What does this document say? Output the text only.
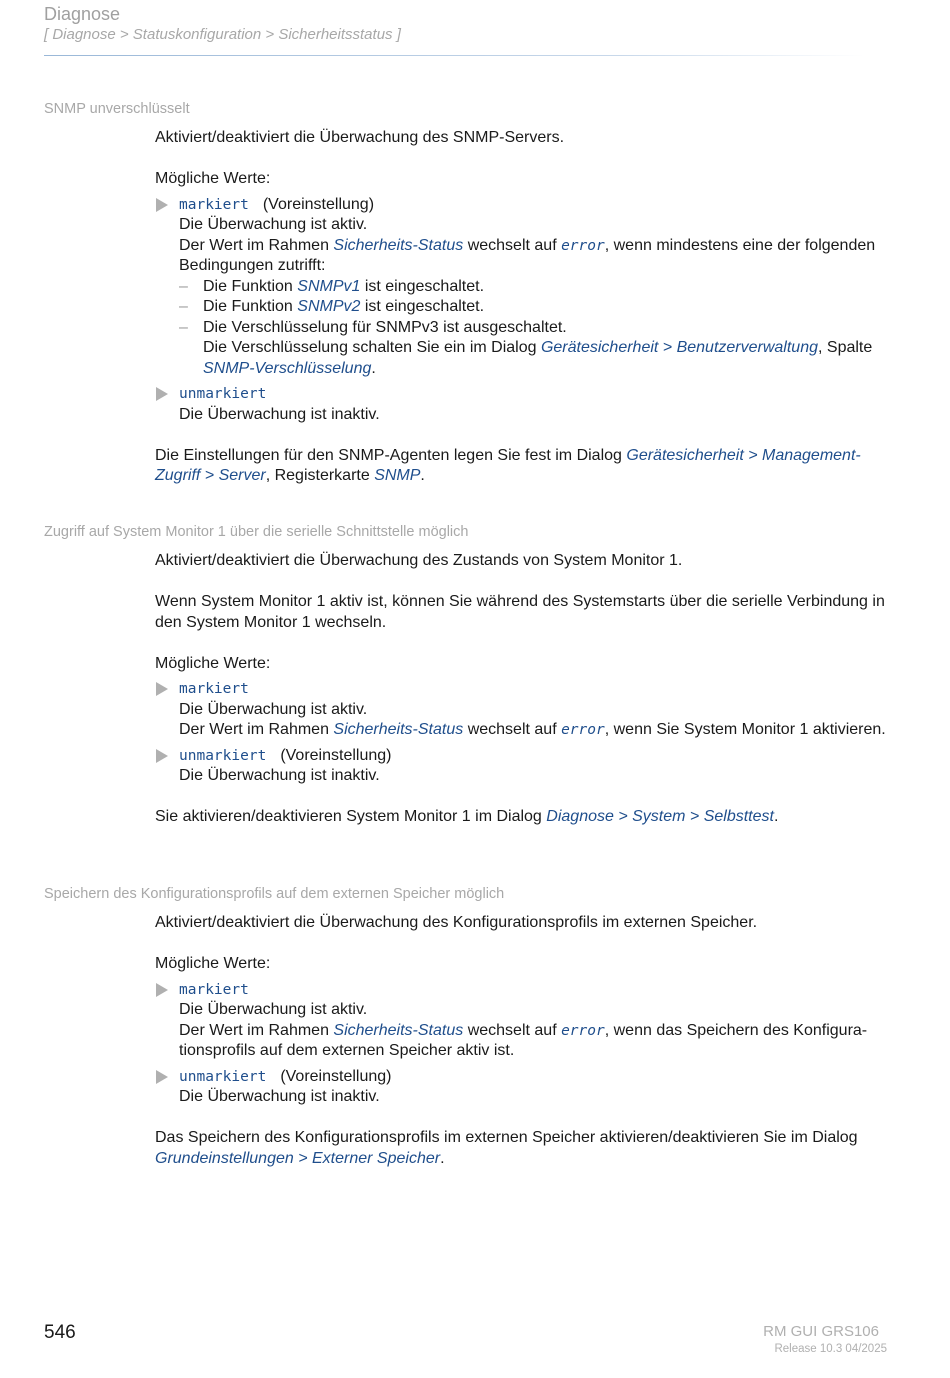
Diagnose
[ Diagnose > Statuskonfiguration > Sicherheitsstatus ]
SNMP unverschlüsselt

Aktiviert/deaktiviert die Überwachung des SNMP-Servers.

Mögliche Werte:

markiert (Voreinstellung)
Die Überwachung ist aktiv.
Der Wert im Rahmen Sicherheits-Status wechselt auf error, wenn mindestens eine der folgenden Bedingungen zutrifft:
– Die Funktion SNMPv1 ist eingeschaltet.
– Die Funktion SNMPv2 ist eingeschaltet.
– Die Verschlüsselung für SNMPv3 ist ausgeschaltet.
Die Verschlüsselung schalten Sie ein im Dialog Gerätesicherheit > Benutzerverwaltung, Spalte SNMP-Verschlüsselung.
unmarkiert
Die Überwachung ist inaktiv.

Die Einstellungen für den SNMP-Agenten legen Sie fest im Dialog Gerätesicherheit > Management-Zugriff > Server, Registerkarte SNMP.

Zugriff auf System Monitor 1 über die serielle Schnittstelle möglich

Aktiviert/deaktiviert die Überwachung des Zustands von System Monitor 1.

Wenn System Monitor 1 aktiv ist, können Sie während des Systemstarts über die serielle Verbindung in den System Monitor 1 wechseln.

Mögliche Werte:

markiert
Die Überwachung ist aktiv.
Der Wert im Rahmen Sicherheits-Status wechselt auf error, wenn Sie System Monitor 1 aktivieren.
unmarkiert (Voreinstellung)
Die Überwachung ist inaktiv.

Sie aktivieren/deaktivieren System Monitor 1 im Dialog Diagnose > System > Selbsttest.

Speichern des Konfigurationsprofils auf dem externen Speicher möglich

Aktiviert/deaktiviert die Überwachung des Konfigurationsprofils im externen Speicher.

Mögliche Werte:

markiert
Die Überwachung ist aktiv.
Der Wert im Rahmen Sicherheits-Status wechselt auf error, wenn das Speichern des Konfigurationsprofils auf dem externen Speicher aktiv ist.
unmarkiert (Voreinstellung)
Die Überwachung ist inaktiv.

Das Speichern des Konfigurationsprofils im externen Speicher aktivieren/deaktivieren Sie im Dialog Grundeinstellungen > Externer Speicher.

546	RM GUI GRS106
Release 10.3 04/2025
